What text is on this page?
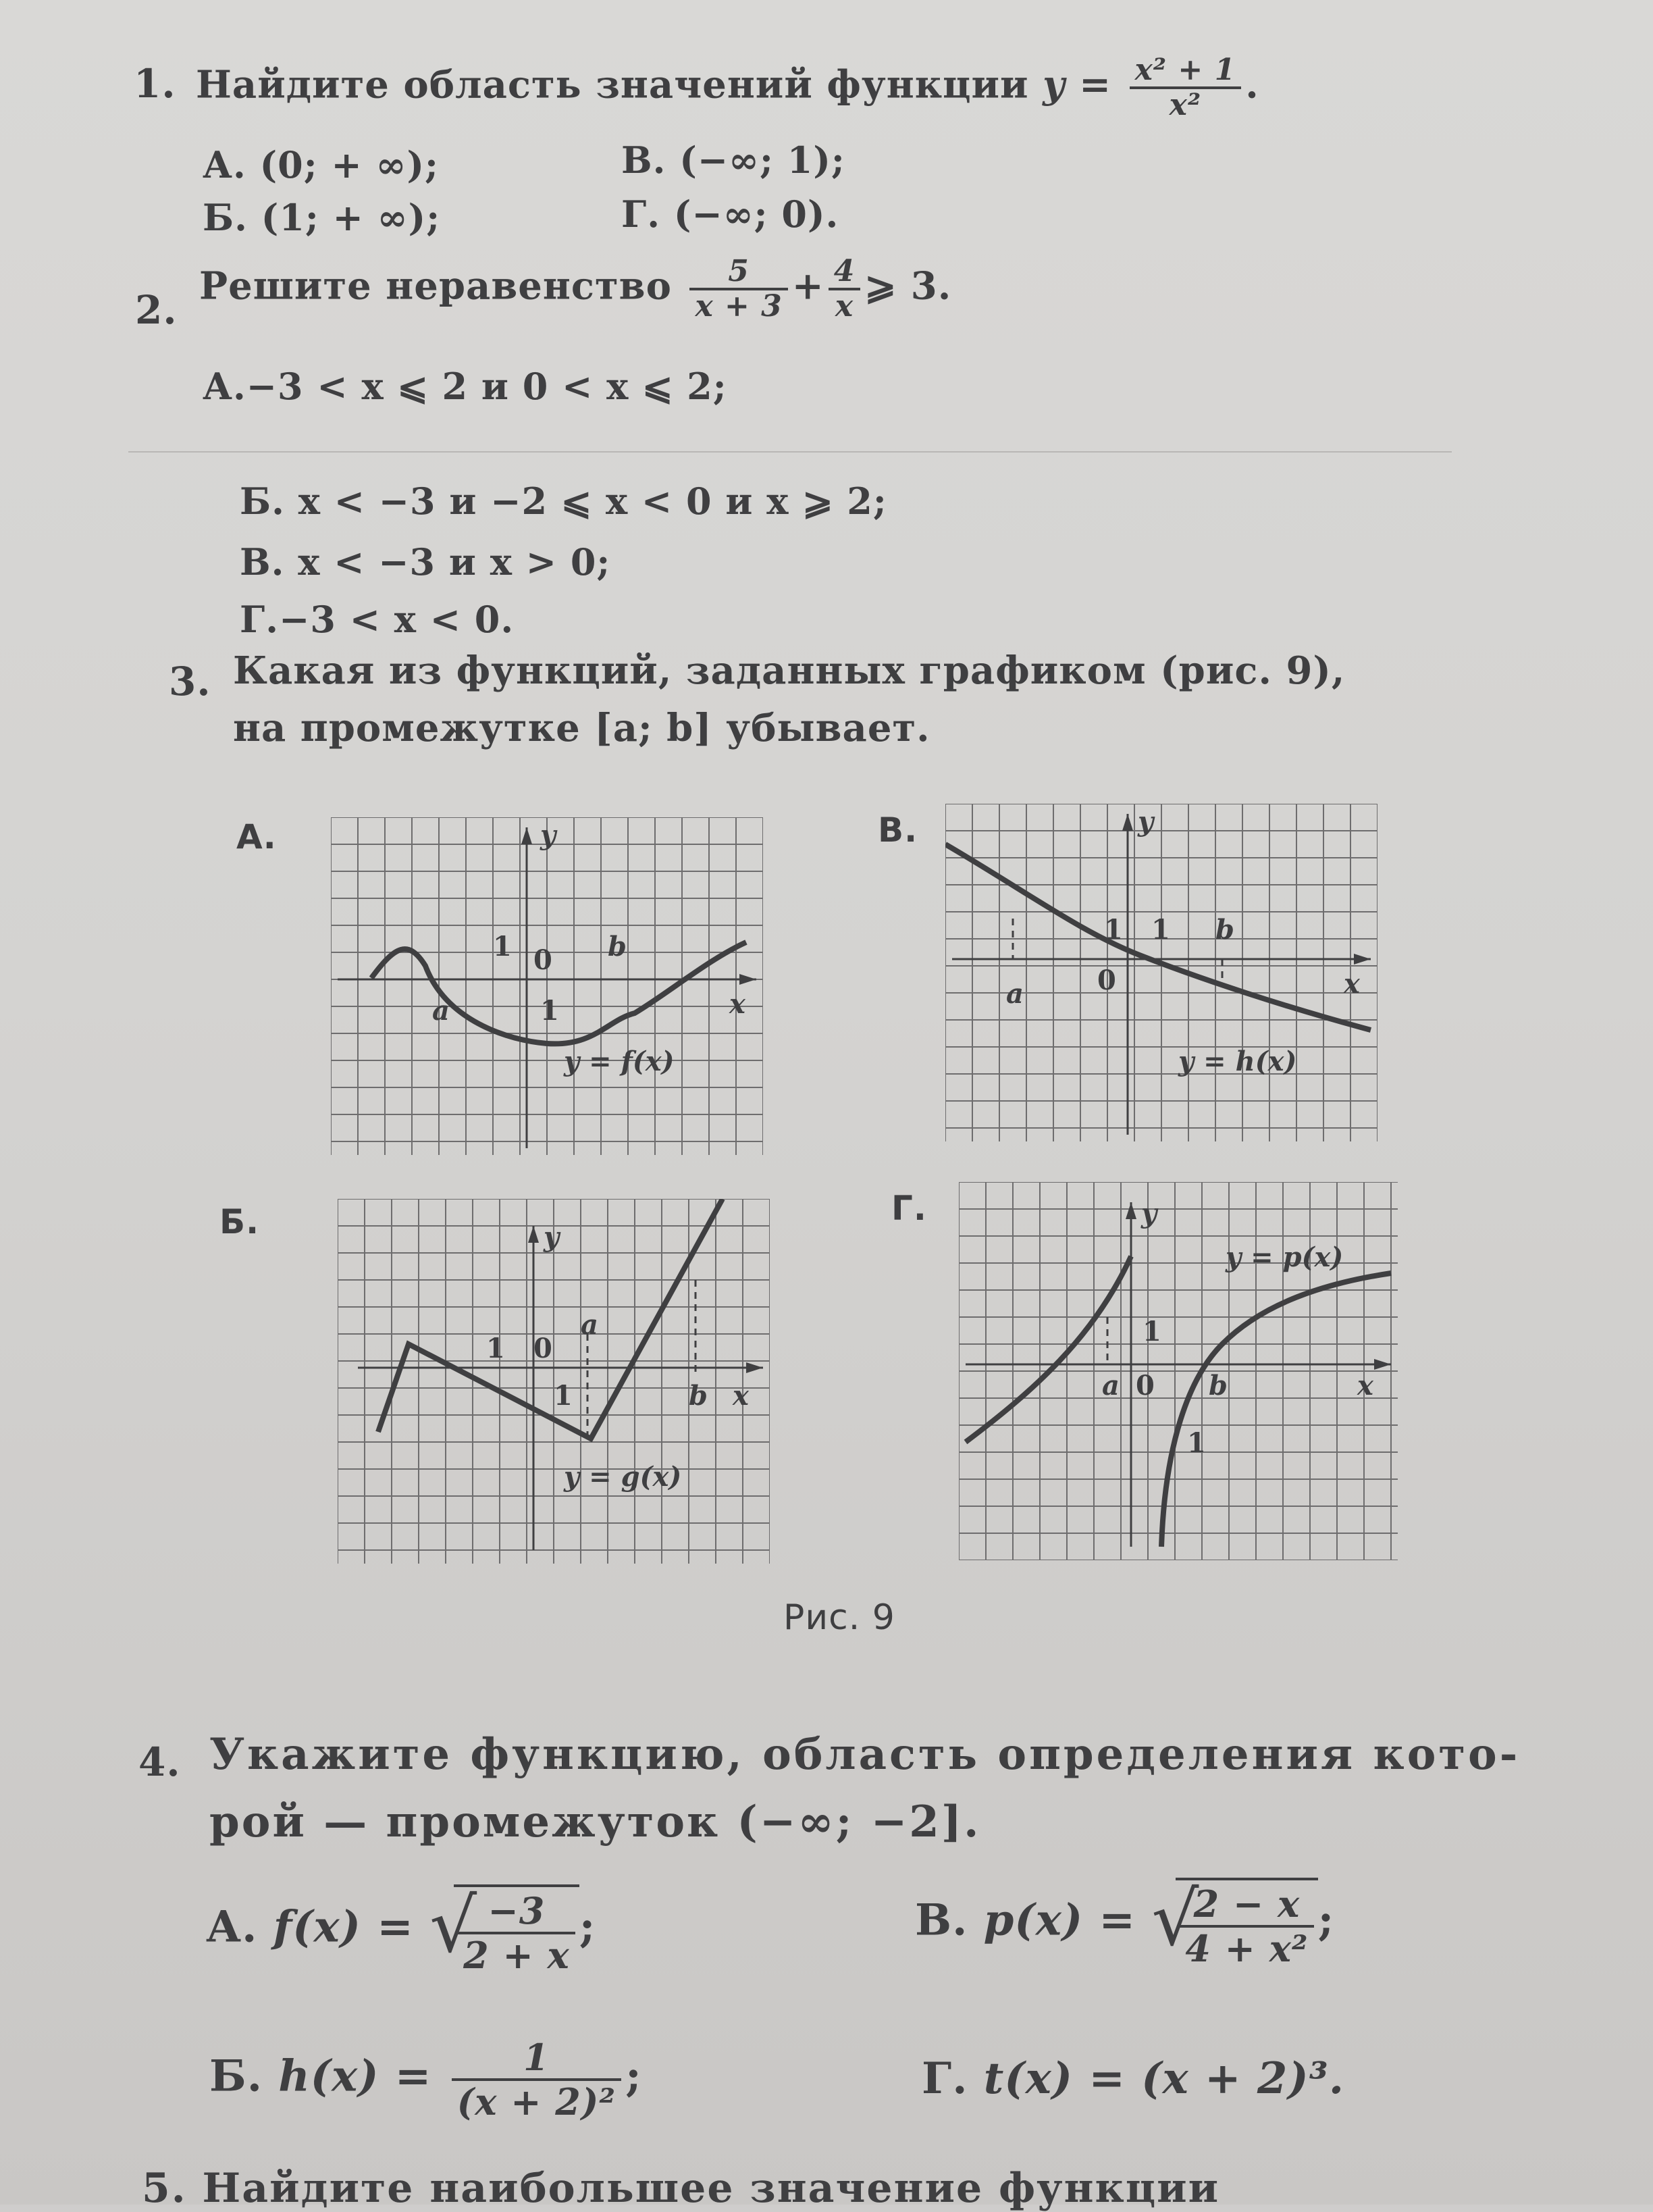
1. Найдите область значений функции $y = \frac{\text{x² + 1}}{\text{x²}}$ .
А. (0; + ∞);	В. (−∞; 1);
Б. (1; + ∞);	Г. (−∞; 0).
2.
Решите неравенство $\frac{5}{x + 3} + \frac{4}{x}$ ⩾ 3.
А.−3 < x ⩽ 2 и 0 < x ⩽ 2;
Б. x < −3 и −2 ⩽ x < 0 и x ⩾ 2;
В. x < −3 и x > 0;
Г.−3 < x < 0.
3. Какая из функций, заданных графиком (рис. 9),
на промежутке [a; b] убывает.
А.	В.
Б.	Г.
y
x
0
1
1
a
b
y = f(x)
y
x
0
1 1
a
b
y = h(x)
y
x
0
1
1
a
b
y = g(x)
y
x
0
1
1
a	b
y = p(x)
Рис. 9
4. Укажите функцию, область определения кото-
рой — промежуток (−∞; −2].
А. f(x) = √
$\frac{-3}{2 + x}$ ;	В. p(x) = √
$\frac{2 - x}{\text{4 + x²}}$ ;
Б. $h(x) = \frac{1}{\text{(x + 2)²}}$ ;	Г. t(x) = (x + 2)³.
5. Найдите наибольшее значение функции
